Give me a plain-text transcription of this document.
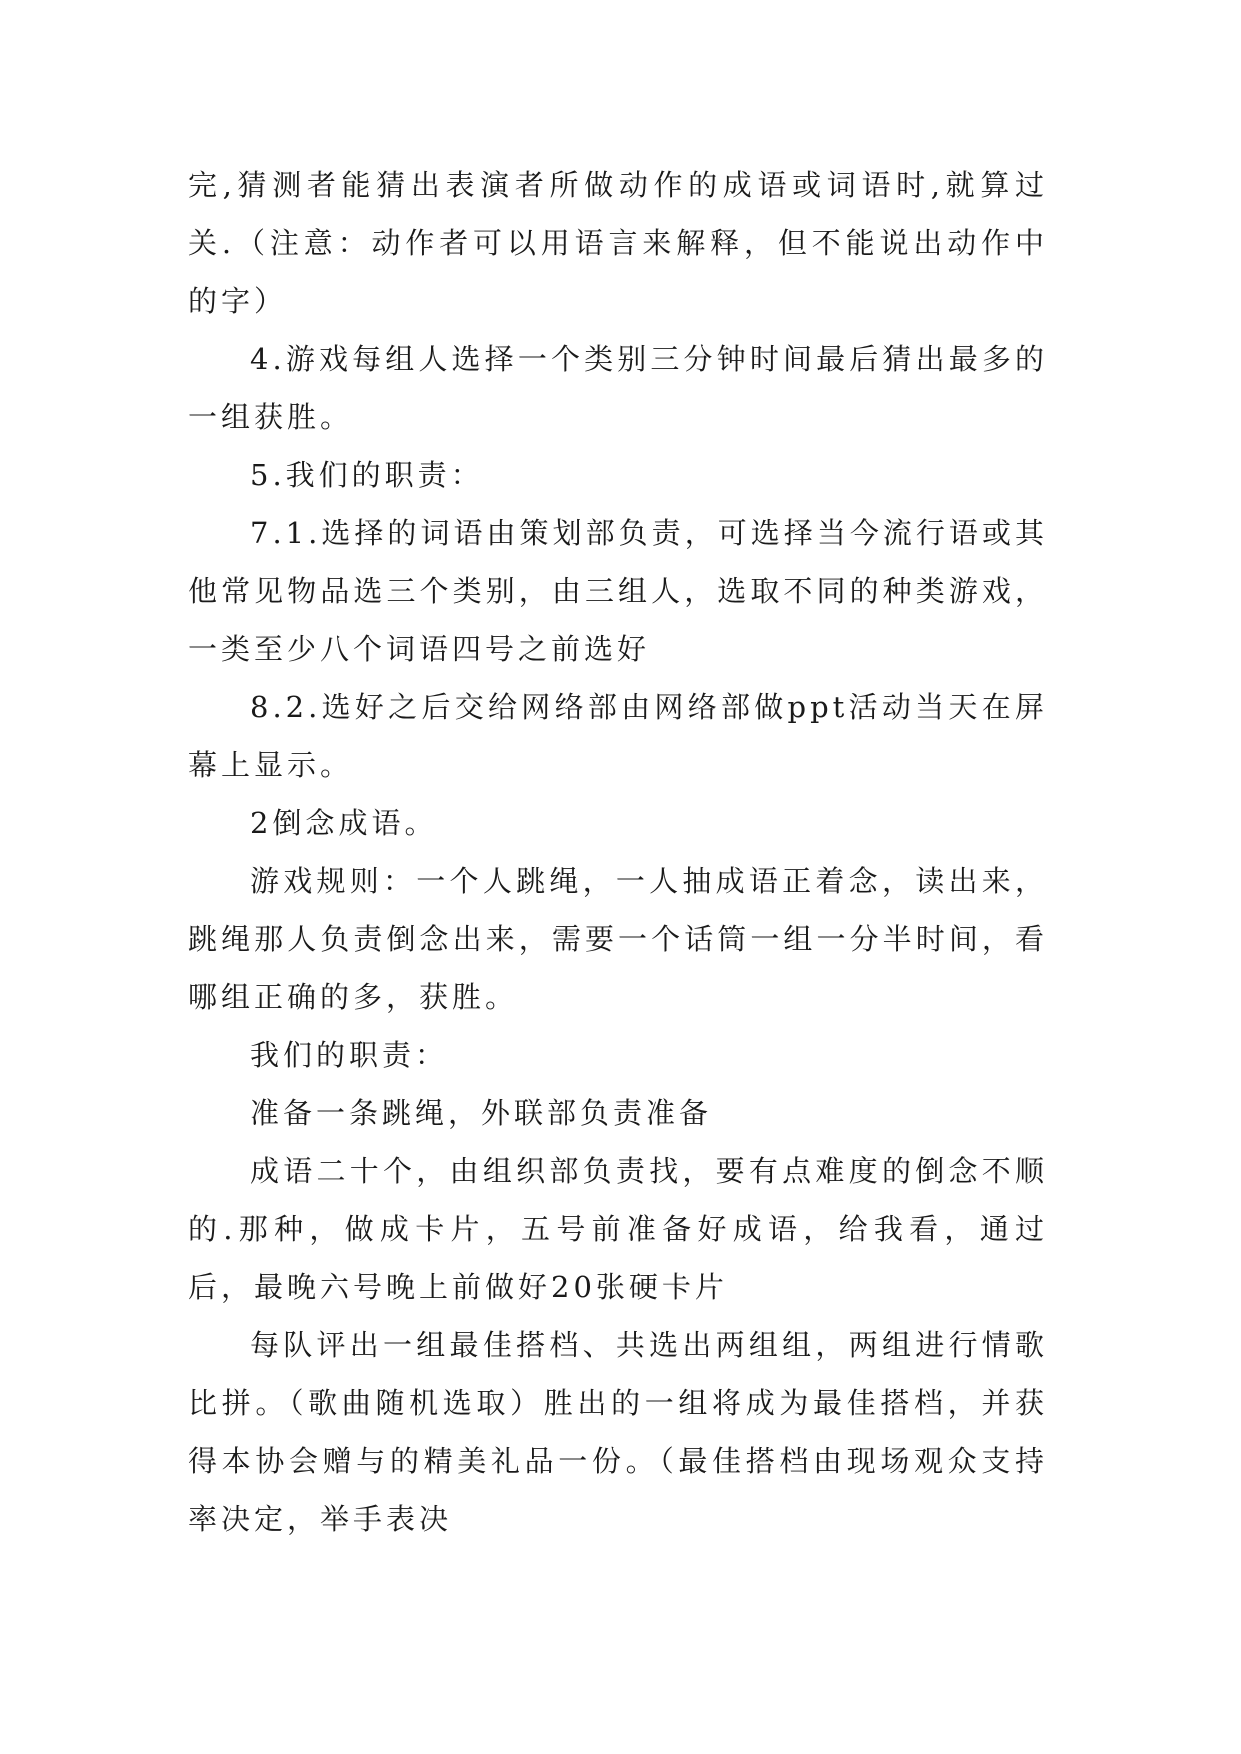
完,猜测者能猜出表演者所做动作的成语或词语时,就算过关.（注意：动作者可以用语言来解释，但不能说出动作中的字）

4.游戏每组人选择一个类别三分钟时间最后猜出最多的一组获胜。

5.我们的职责：

7.1.选择的词语由策划部负责，可选择当今流行语或其他常见物品选三个类别，由三组人，选取不同的种类游戏，一类至少八个词语四号之前选好

8.2.选好之后交给网络部由网络部做ppt活动当天在屏幕上显示。

2倒念成语。

游戏规则：一个人跳绳，一人抽成语正着念，读出来，跳绳那人负责倒念出来，需要一个话筒一组一分半时间，看哪组正确的多，获胜。

我们的职责：

准备一条跳绳，外联部负责准备

成语二十个，由组织部负责找，要有点难度的倒念不顺的.那种，做成卡片，五号前准备好成语，给我看，通过后，最晚六号晚上前做好20张硬卡片

每队评出一组最佳搭档、共选出两组组，两组进行情歌比拼。（歌曲随机选取）胜出的一组将成为最佳搭档，并获得本协会赠与的精美礼品一份。（最佳搭档由现场观众支持率决定，举手表决
